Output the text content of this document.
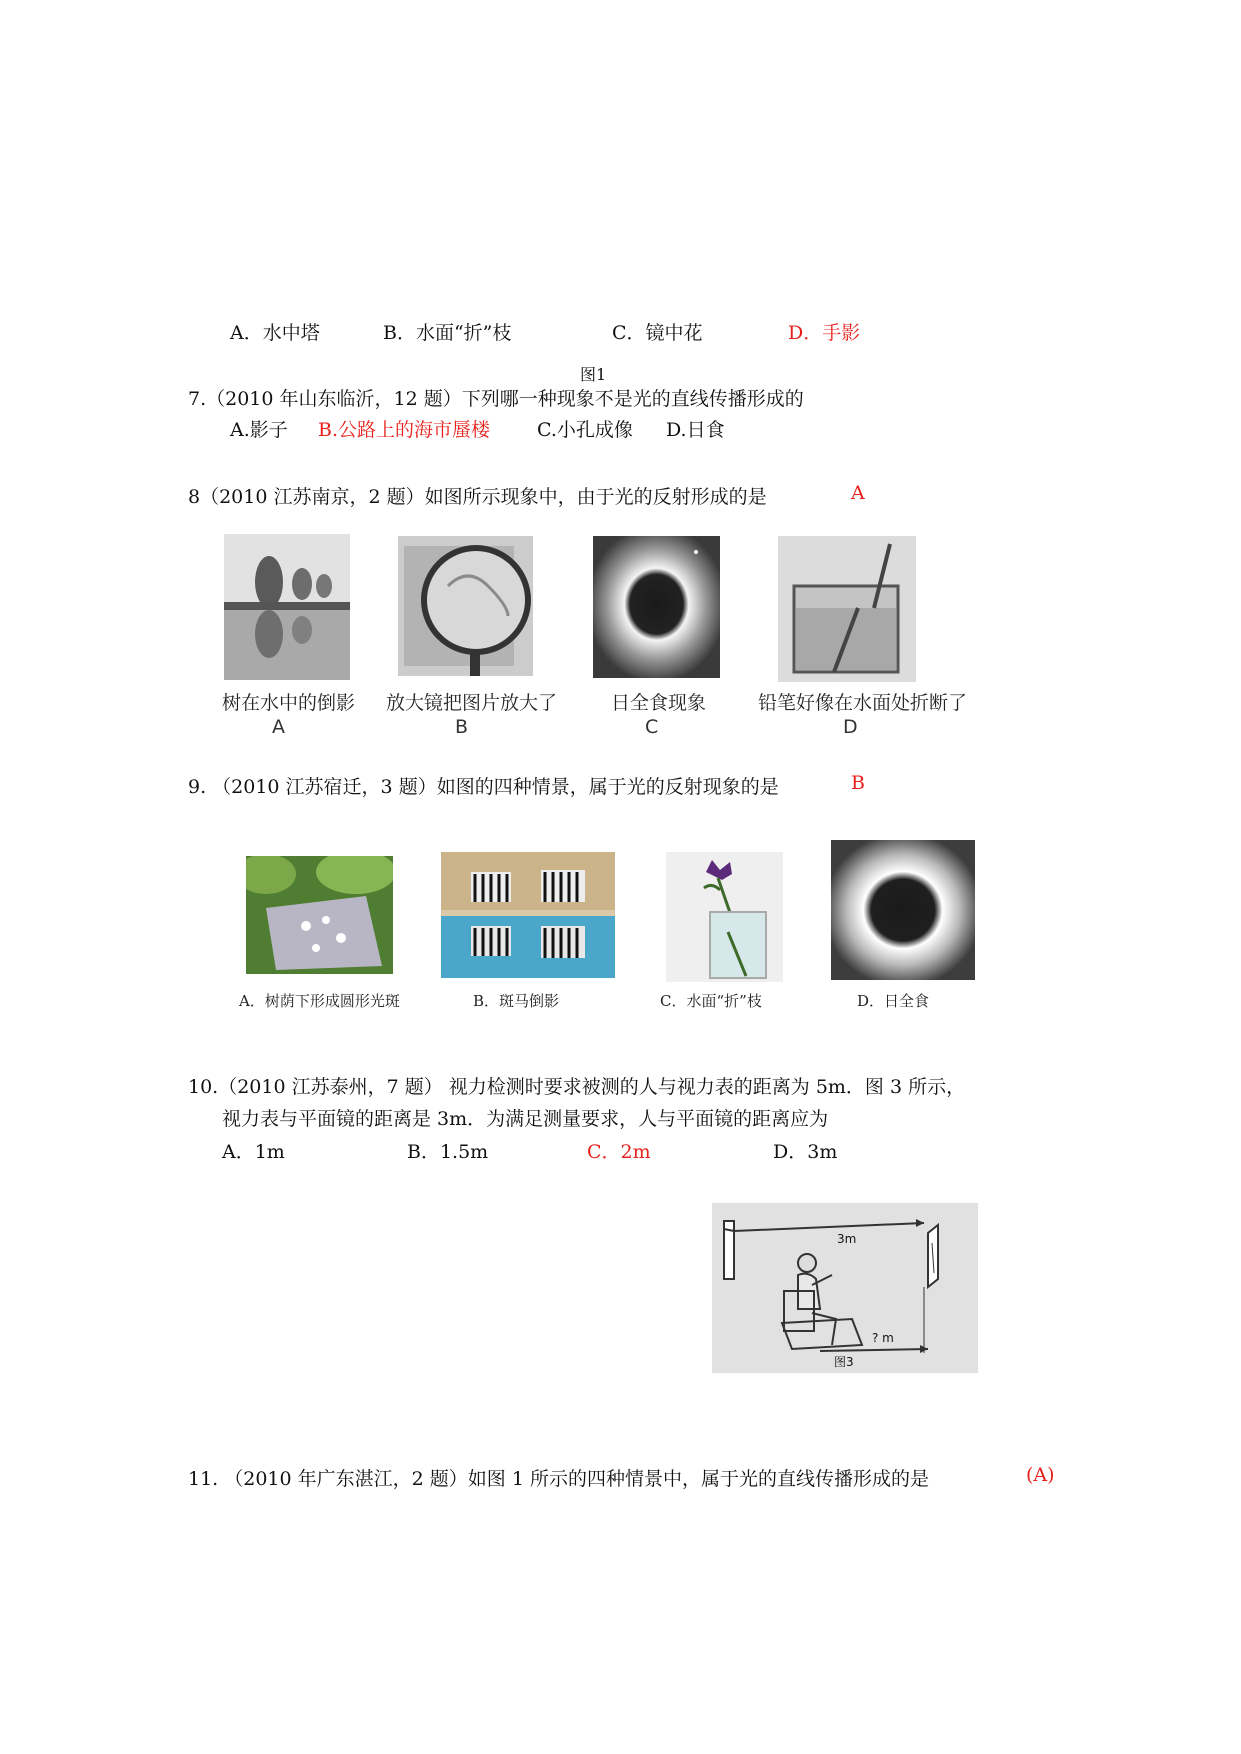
A．水中塔	B．水面“折”枝	C．镜中花	D．手影
图1
7.（2010 年山东临沂，12 题）下列哪一种现象不是光的直线传播形成的
A.影子 B.公路上的海市蜃楼 C.小孔成像 D.日食
8（2010 江苏南京，2 题）如图所示现象中，由于光的反射形成的是	A
树在水中的倒影 放大镜把图片放大了	日全食现象	铅笔好像在水面处折断了
A	B	C	D
9. （2010 江苏宿迁，3 题）如图的四种情景，属于光的反射现象的是	B
A．树荫下形成圆形光斑	B．斑马倒影	C．水面“折”枝	D．日全食
10.（2010 江苏泰州，7 题） 视力检测时要求被测的人与视力表的距离为 5m．图 3 所示，
视力表与平面镜的距离是 3m．为满足测量要求，人与平面镜的距离应为
A．1m	B．1.5m	C．2m	D．3m
3m
? m
图3
11. （2010 年广东湛江，2 题）如图 1 所示的四种情景中，属于光的直线传播形成的是	(A)
